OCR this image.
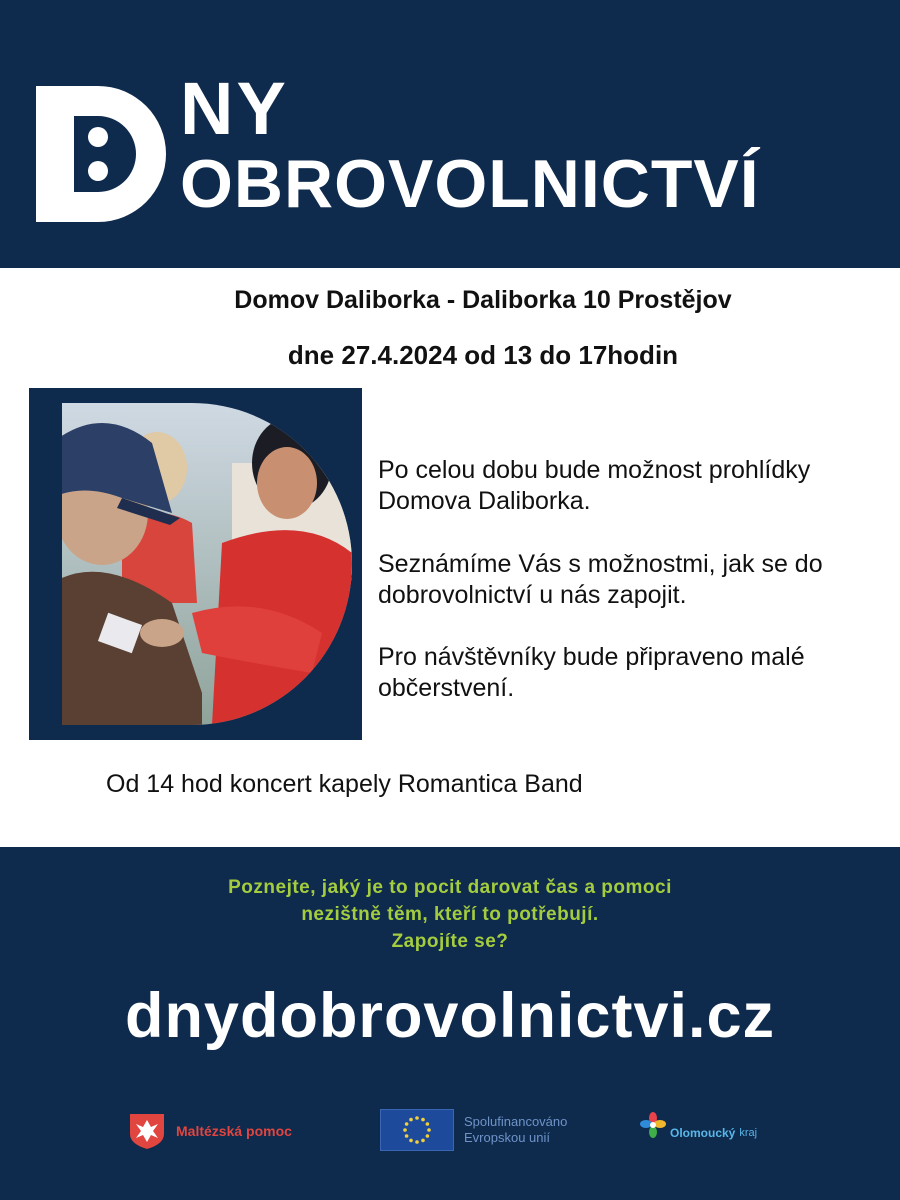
NY
OBROVOLNICTVÍ
Domov Daliborka - Daliborka 10 Prostějov
dne 27.4.2024 od 13 do 17hodin

Po celou dobu bude možnost prohlídky Domova Daliborka.

Seznámíme Vás s možnostmi, jak se do dobrovolnictví u nás zapojit.

Pro návštěvníky bude připraveno malé občerstvení.

Od 14 hod koncert kapely Romantica Band
Poznejte, jaký je to pocit darovat čas a pomoci
nezištně těm, kteří to potřebují.
Zapojíte se?
dnydobrovolnictvi.cz
Maltézská pomoc
Spolufinancováno
Evropskou unií	Olomoucký kraj
